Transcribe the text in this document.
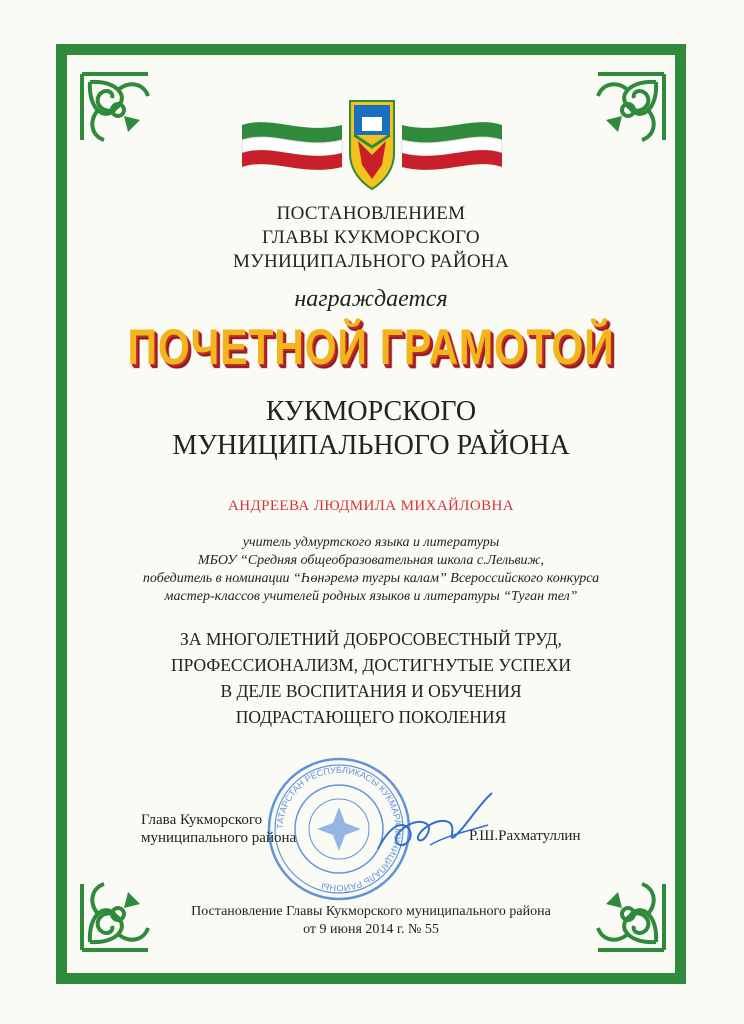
ПОСТАНОВЛЕНИЕМ
ГЛАВЫ КУКМОРСКОГО
МУНИЦИПАЛЬНОГО РАЙОНА
награждается
ПОЧЕТНОЙ ГРАМОТОЙ
КУКМОРСКОГО
МУНИЦИПАЛЬНОГО РАЙОНА
АНДРЕЕВА ЛЮДМИЛА МИХАЙЛОВНА
учитель удмуртского языка и литературы
МБОУ “Средняя общеобразовательная школа с.Лельвиж,
победитель в номинации “Һөнәремә тугры калам” Всероссийского конкурса
мастер-классов учителей родных языков и литературы “Туган тел”
ЗА МНОГОЛЕТНИЙ ДОБРОСОВЕСТНЫЙ ТРУД,
ПРОФЕССИОНАЛИЗМ, ДОСТИГНУТЫЕ УСПЕХИ
В ДЕЛЕ ВОСПИТАНИЯ И ОБУЧЕНИЯ
ПОДРАСТАЮЩЕГО ПОКОЛЕНИЯ
ТАТАРСТАН РЕСПУБЛИКАСЫ КУКМАРА МУНИЦИПАЛЬ РАЙОНЫ
Глава Кукморского
муниципального района	Р.Ш.Рахматуллин
Постановление Главы Кукморского муниципального района
от 9 июня 2014 г. № 55
